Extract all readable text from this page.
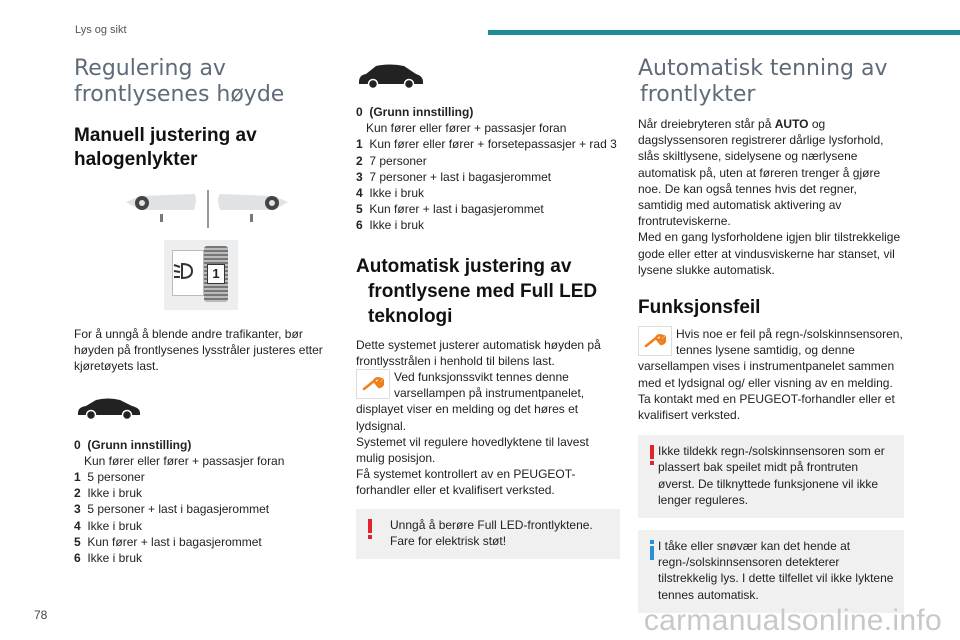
Lys og sikt
Regulering av
frontlysenes høyde
Manuell justering av
halogenlykter
1

For å unngå å blende andre trafikanter, bør høyden på frontlysenes lysstråler justeres etter kjøretøyets last.

0 (Grunn innstilling)
Kun fører eller fører + passasjer foran
1 5 personer
2 Ikke i bruk
3 5 personer + last i bagasjerommet
4 Ikke i bruk
5 Kun fører + last i bagasjerommet
6 Ikke i bruk
0 (Grunn innstilling)
Kun fører eller fører + passasjer foran
1 Kun fører eller fører + forsetepassasjer + rad 3
2 7 personer
3 7 personer + last i bagasjerommet
4 Ikke i bruk
5 Kun fører + last i bagasjerommet
6 Ikke i bruk
Automatisk justering av
frontlysene med Full LED
teknologi

Dette systemet justerer automatisk høyden på frontlysstrålen i henhold til bilens last.

Ved funksjonssvikt tennes denne varsellampen på instrumentpanelet, displayet viser en melding og det høres et lydsignal.

Systemet vil regulere hovedlyktene til lavest mulig posisjon.

Få systemet kontrollert av en PEUGEOT-forhandler eller et kvalifisert verksted.

Unngå å berøre Full LED-frontlyktene. Fare for elektrisk støt!
Automatisk tenning av
frontlykter

Når dreiebryteren står på AUTO og dagslyssensoren registrerer dårlige lysforhold, slås skiltlysene, sidelysene og nærlysene automatisk på, uten at føreren trenger å gjøre noe. De kan også tennes hvis det regner, samtidig med automatisk aktivering av frontruteviskerne.

Med en gang lysforholdene igjen blir tilstrekkelige gode eller etter at vindusviskerne har stanset, vil lysene slukke automatisk.

Funksjonsfeil

Hvis noe er feil på regn-/solskinnsensoren, tennes lysene samtidig, og denne varsellampen vises i instrumentpanelet sammen med et lydsignal og/ eller visning av en melding.

Ta kontakt med en PEUGEOT-forhandler eller et kvalifisert verksted.

Ikke tildekk regn-/solskinnsensoren som er plassert bak speilet midt på frontruten øverst. De tilknyttede funksjonene vil ikke lenger reguleres.
I tåke eller snøvær kan det hende at regn-/solskinnsensoren detekterer tilstrekkelig lys. I dette tilfellet vil ikke lyktene tennes automatisk.
78	carmanualsonline.info
